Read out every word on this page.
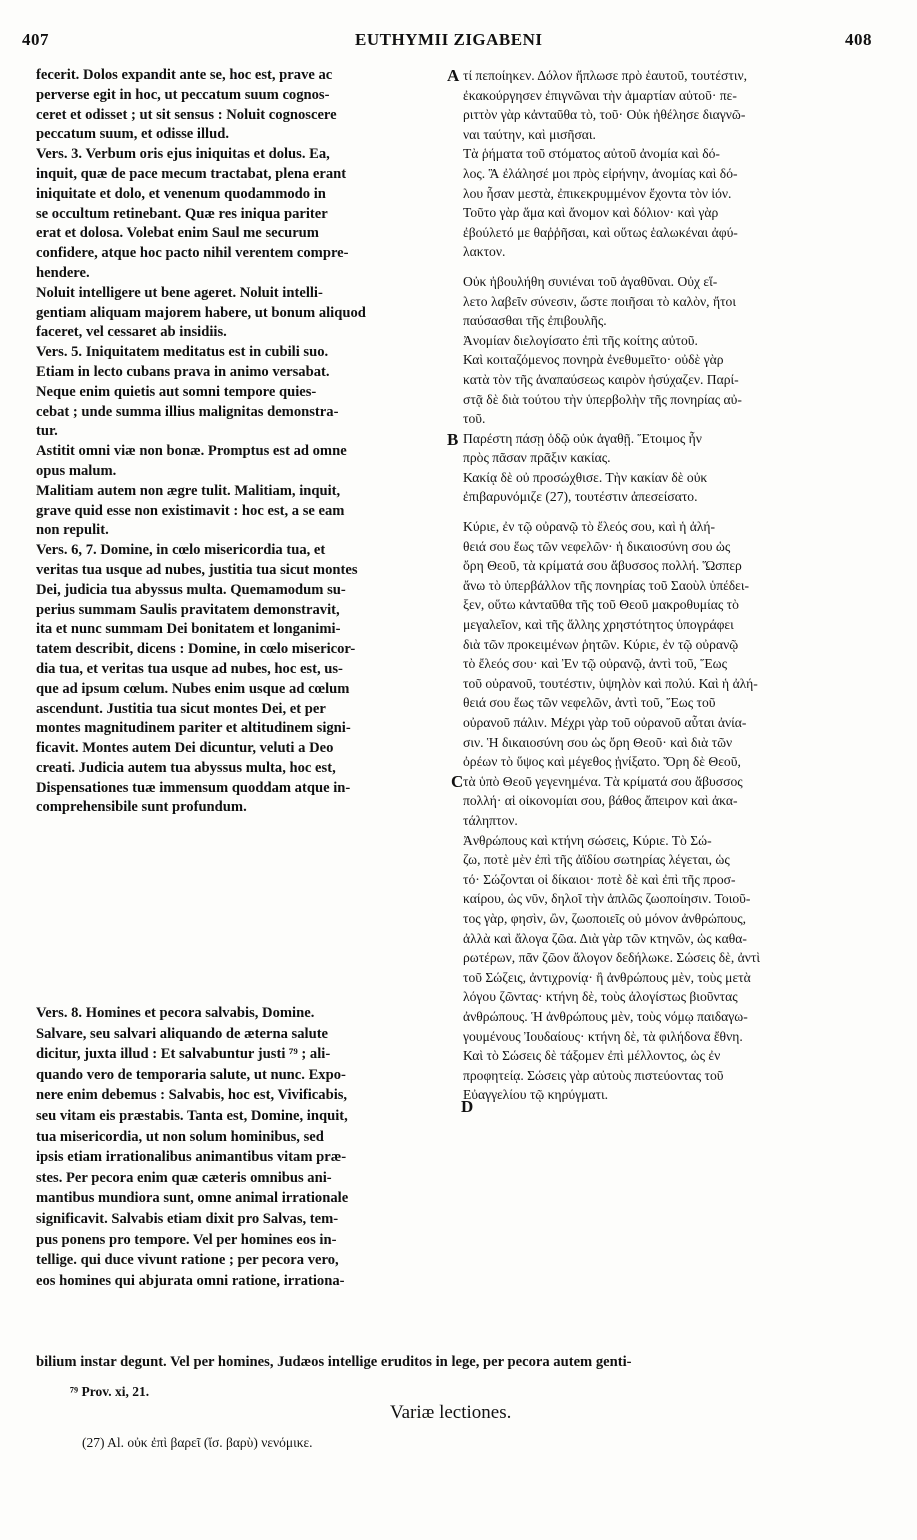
407	EUTHYMII ZIGABENI	408
fecerit. Dolos expandit ante se, hoc est, prave ac
perverse egit in hoc, ut peccatum suum cognos-
ceret et odisset ; ut sit sensus : Noluit cognoscere
peccatum suum, et odisse illud.
Vers. 3. Verbum oris ejus iniquitas et dolus. Ea,
inquit, quæ de pace mecum tractabat, plena erant
iniquitate et dolo, et venenum quodammodo in
se occultum retinebant. Quæ res iniqua pariter
erat et dolosa. Volebat enim Saul me securum
confidere, atque hoc pacto nihil verentem compre-
hendere.
Noluit intelligere ut bene ageret. Noluit intelli-
gentiam aliquam majorem habere, ut bonum aliquod
faceret, vel cessaret ab insidiis.
Vers. 5. Iniquitatem meditatus est in cubili suo.
Etiam in lecto cubans prava in animo versabat.
Neque enim quietis aut somni tempore quies-
cebat ; unde summa illius malignitas demonstra-
tur.
Astitit omni viæ non bonæ. Promptus est ad omne
opus malum.
Malitiam autem non ægre tulit. Malitiam, inquit,
grave quid esse non existimavit : hoc est, a se eam
non repulit.
Vers. 6, 7. Domine, in cœlo misericordia tua, et
veritas tua usque ad nubes, justitia tua sicut montes
Dei, judicia tua abyssus multa. Quemamodum su-
perius summam Saulis pravitatem demonstravit,
ita et nunc summam Dei bonitatem et longanimi-
tatem describit, dicens : Domine, in cœlo misericor-
dia tua, et veritas tua usque ad nubes, hoc est, us-
que ad ipsum cœlum. Nubes enim usque ad cœlum
ascendunt. Justitia tua sicut montes Dei, et per
montes magnitudinem pariter et altitudinem signi-
ficavit. Montes autem Dei dicuntur, veluti a Deo
creati. Judicia autem tua abyssus multa, hoc est,
Dispensationes tuæ immensum quoddam atque in-
comprehensibile sunt profundum.
Vers. 8. Homines et pecora salvabis, Domine.
Salvare, seu salvari aliquando de æterna salute
dicitur, juxta illud : Et salvabuntur justi ⁷⁹ ; ali-
quando vero de temporaria salute, ut nunc. Expo-
nere enim debemus : Salvabis, hoc est, Vivificabis,
seu vitam eis præstabis. Tanta est, Domine, inquit,
tua misericordia, ut non solum hominibus, sed
ipsis etiam irrationalibus animantibus vitam præ-
stes. Per pecora enim quæ cæteris omnibus ani-
mantibus mundiora sunt, omne animal irrationale
significavit. Salvabis etiam dixit pro Salvas, tem-
pus ponens pro tempore. Vel per homines eos in-
tellige. qui duce vivunt ratione ; per pecora vero,
eos homines qui abjurata omni ratione, irrationa-
τί πεποίηκεν. Δόλον ἤπλωσε πρὸ ἑαυτοῦ, τουτέστιν,
ἐκακούργησεν ἐπιγνῶναι τὴν ἁμαρτίαν αὐτοῦ· πε-
ριττὸν γὰρ κἀνταῦθα τὸ, τοῦ· Οὐκ ἠθέλησε διαγνῶ-
ναι ταύτην, καὶ μισῆσαι.
Τὰ ῥήματα τοῦ στόματος αὐτοῦ ἀνομία καὶ δό-
λος. Ἃ ἐλάλησέ μοι πρὸς εἰρήνην, ἀνομίας καὶ δό-
λου ἦσαν μεστὰ, ἐπικεκρυμμένον ἔχοντα τὸν ἰόν.
Τοῦτο γὰρ ἅμα καὶ ἄνομον καὶ δόλιον· καὶ γὰρ
ἐβούλετό με θαῤῥῆσαι, καὶ οὕτως ἑαλωκέναι ἀφύ-
λακτον.
Οὐκ ἠβουλήθη συνιέναι τοῦ ἀγαθῦναι. Οὐχ εἵ-
λετο λαβεῖν σύνεσιν, ὥστε ποιῆσαι τὸ καλὸν, ἤτοι
παύσασθαι τῆς ἐπιβουλῆς.
Ἀνομίαν διελογίσατο ἐπὶ τῆς κοίτης αὐτοῦ.
Καὶ κοιταζόμενος πονηρὰ ἐνεθυμεῖτο· οὐδὲ γὰρ
κατὰ τὸν τῆς ἀναπαύσεως καιρὸν ἡσύχαζεν. Παρί-
στᾷ δὲ διὰ τούτου τὴν ὑπερβολὴν τῆς πονηρίας αὐ-
τοῦ.
Παρέστη πάσῃ ὁδῷ οὐκ ἀγαθῇ. Ἕτοιμος ἦν
πρὸς πᾶσαν πρᾶξιν κακίας.
Κακίᾳ δὲ οὐ προσώχθισε. Τὴν κακίαν δὲ οὐκ
ἐπιβαρυνόμιζε (27), τουτέστιν ἀπεσείσατο.
Κύριε, ἐν τῷ οὐρανῷ τὸ ἔλεός σου, καὶ ἡ ἀλή-
θειά σου ἕως τῶν νεφελῶν· ἡ δικαιοσύνη σου ὡς
ὄρη Θεοῦ, τὰ κρίματά σου ἄβυσσος πολλή. Ὥσπερ
ἄνω τὸ ὑπερβάλλον τῆς πονηρίας τοῦ Σαοὺλ ὑπέδει-
ξεν, οὕτω κἀνταῦθα τῆς τοῦ Θεοῦ μακροθυμίας τὸ
μεγαλεῖον, καὶ τῆς ἄλλης χρηστότητος ὑπογράφει
διὰ τῶν προκειμένων ῥητῶν. Κύριε, ἐν τῷ οὐρανῷ
τὸ ἔλεός σου· καὶ Ἐν τῷ οὐρανῷ, ἀντὶ τοῦ, Ἕως
τοῦ οὐρανοῦ, τουτέστιν, ὑψηλὸν καὶ πολύ. Καὶ ἡ ἀλή-
θειά σου ἕως τῶν νεφελῶν, ἀντὶ τοῦ, Ἕως τοῦ
οὐρανοῦ πάλιν. Μέχρι γὰρ τοῦ οὐρανοῦ αὗται ἀνία-
σιν. Ἡ δικαιοσύνη σου ὡς ὄρη Θεοῦ· καὶ διὰ τῶν
ὀρέων τὸ ὕψος καὶ μέγεθος ᾐνίξατο. Ὄρη δὲ Θεοῦ,
τὰ ὑπὸ Θεοῦ γεγενημένα. Τὰ κρίματά σου ἄβυσσος
πολλή· αἱ οἰκονομίαι σου, βάθος ἄπειρον καὶ ἀκα-
τάληπτον.
Ἀνθρώπους καὶ κτήνη σώσεις, Κύριε. Τὸ Σώ-
ζω, ποτὲ μὲν ἐπὶ τῆς ἀϊδίου σωτηρίας λέγεται, ὡς
τό· Σώζονται οἱ δίκαιοι· ποτὲ δὲ καὶ ἐπὶ τῆς προσ-
καίρου, ὡς νῦν, δηλοῖ τὴν ἁπλῶς ζωοποίησιν. Τοιοῦ-
τος γὰρ, φησὶν, ὢν, ζωοποιεῖς οὐ μόνον ἀνθρώπους,
ἀλλὰ καὶ ἄλογα ζῶα. Διὰ γὰρ τῶν κτηνῶν, ὡς καθα-
ρωτέρων, πᾶν ζῶον ἄλογον δεδήλωκε. Σώσεις δὲ, ἀντὶ
τοῦ Σώζεις, ἀντιχρονίᾳ· ἢ ἀνθρώπους μὲν, τοὺς μετὰ
λόγου ζῶντας· κτήνη δὲ, τοὺς ἀλογίστως βιοῦντας
ἀνθρώπους. Ἡ ἀνθρώπους μὲν, τοὺς νόμῳ παιδαγω-
γουμένους Ἰουδαίους· κτήνη δὲ, τὰ φιλήδονα ἔθνη.
Καὶ τὸ Σώσεις δὲ τάξομεν ἐπὶ μέλλοντος, ὡς ἐν
προφητείᾳ. Σώσεις γὰρ αὐτοὺς πιστεύοντας τοῦ
Εὐαγγελίου τῷ κηρύγματι.
A
B
C
D
bilium instar degunt. Vel per homines, Judæos intellige eruditos in lege, per pecora autem genti-
⁷⁹ Prov. xi, 21.
Variæ lectiones.
(27) Al. οὐκ ἐπὶ βαρεῖ (ἴσ. βαρὺ) νενόμικε.
